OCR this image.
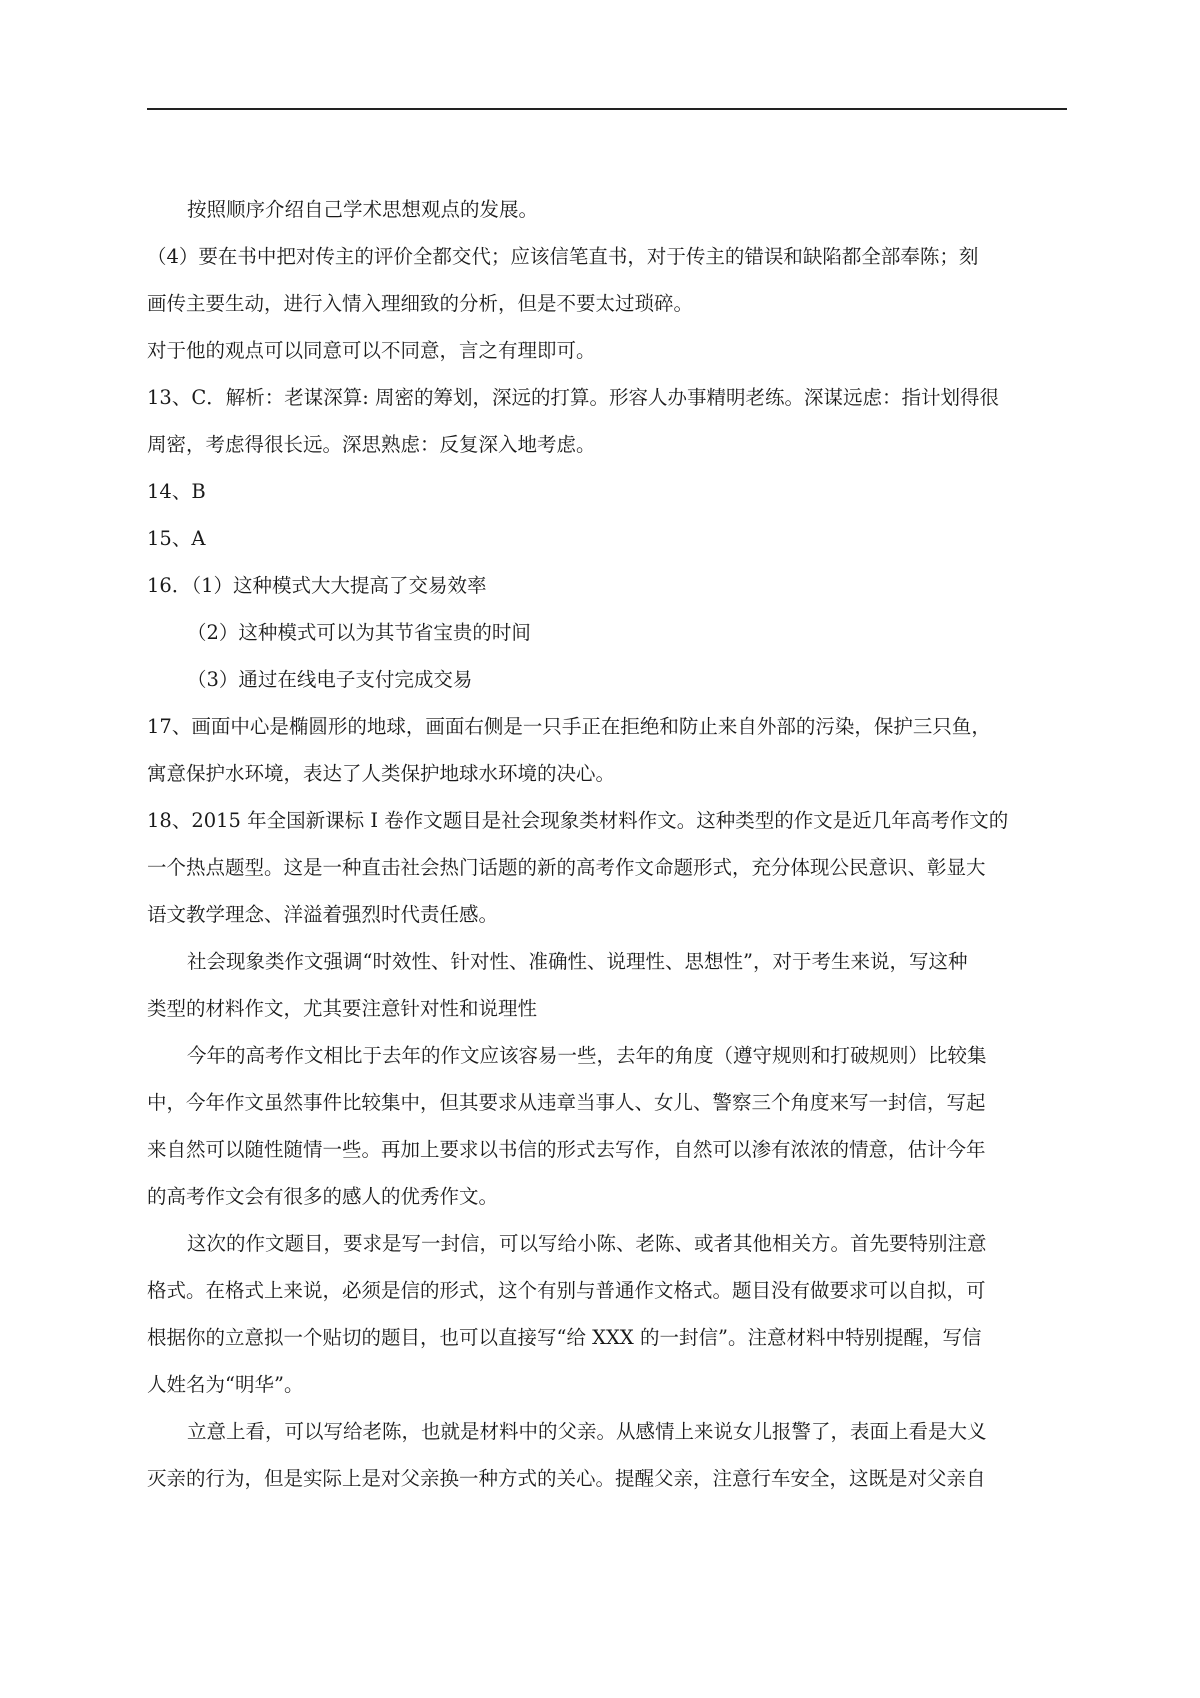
按照顺序介绍自己学术思想观点的发展。
（4）要在书中把对传主的评价全都交代；应该信笔直书，对于传主的错误和缺陷都全部奉陈；刻
画传主要生动，进行入情入理细致的分析，但是不要太过琐碎。
对于他的观点可以同意可以不同意，言之有理即可。
13、C．解析：老谋深算: 周密的筹划，深远的打算。形容人办事精明老练。深谋远虑：指计划得很
周密，考虑得很长远。深思熟虑：反复深入地考虑。
14、B
15、A
16．（1）这种模式大大提高了交易效率
（2）这种模式可以为其节省宝贵的时间
（3）通过在线电子支付完成交易
17、画面中心是椭圆形的地球，画面右侧是一只手正在拒绝和防止来自外部的污染，保护三只鱼，
寓意保护水环境，表达了人类保护地球水环境的决心。
18、2015 年全国新课标 I 卷作文题目是社会现象类材料作文。这种类型的作文是近几年高考作文的
一个热点题型。这是一种直击社会热门话题的新的高考作文命题形式，充分体现公民意识、彰显大
语文教学理念、洋溢着强烈时代责任感。
社会现象类作文强调“时效性、针对性、准确性、说理性、思想性”，对于考生来说，写这种
类型的材料作文，尤其要注意针对性和说理性
今年的高考作文相比于去年的作文应该容易一些，去年的角度（遵守规则和打破规则）比较集
中，今年作文虽然事件比较集中，但其要求从违章当事人、女儿、警察三个角度来写一封信，写起
来自然可以随性随情一些。再加上要求以书信的形式去写作，自然可以渗有浓浓的情意，估计今年
的高考作文会有很多的感人的优秀作文。
这次的作文题目，要求是写一封信，可以写给小陈、老陈、或者其他相关方。首先要特别注意
格式。在格式上来说，必须是信的形式，这个有别与普通作文格式。题目没有做要求可以自拟，可
根据你的立意拟一个贴切的题目，也可以直接写“给 XXX 的一封信”。注意材料中特别提醒，写信
人姓名为“明华”。
立意上看，可以写给老陈，也就是材料中的父亲。从感情上来说女儿报警了，表面上看是大义
灭亲的行为，但是实际上是对父亲换一种方式的关心。提醒父亲，注意行车安全，这既是对父亲自
